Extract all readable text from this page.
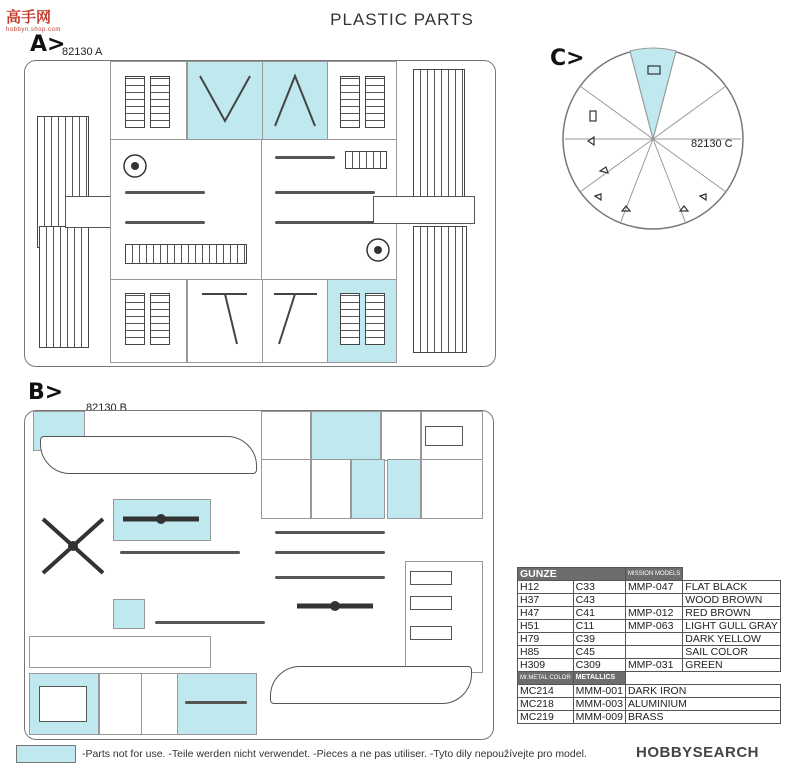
高手网
hobbyn.shop.com
PLASTIC PARTS
A>
82130 A	C>
82130 C
B>
82130 B
GUNZE		MISSION MODELS	
H12	C33	MMP-047	FLAT BLACK
H37	C43		WOOD BROWN
H47	C41	MMP-012	RED BROWN
H51	C11	MMP-063	LIGHT GULL GRAY
H79	C39		DARK YELLOW
H85	C45		SAIL COLOR
H309	C309	MMP-031	GREEN
Mr.METAL COLOR	METALLICS		
MC214	MMM-001	DARK IRON	
MC218	MMM-003	ALUMINIUM	
MC219	MMM-009	BRASS	
-Parts not for use. -Teile werden nicht verwendet. -Pieces a ne pas utiliser. -Tyto dily nepoužívejte pro model.	HOBBYSEARCH
